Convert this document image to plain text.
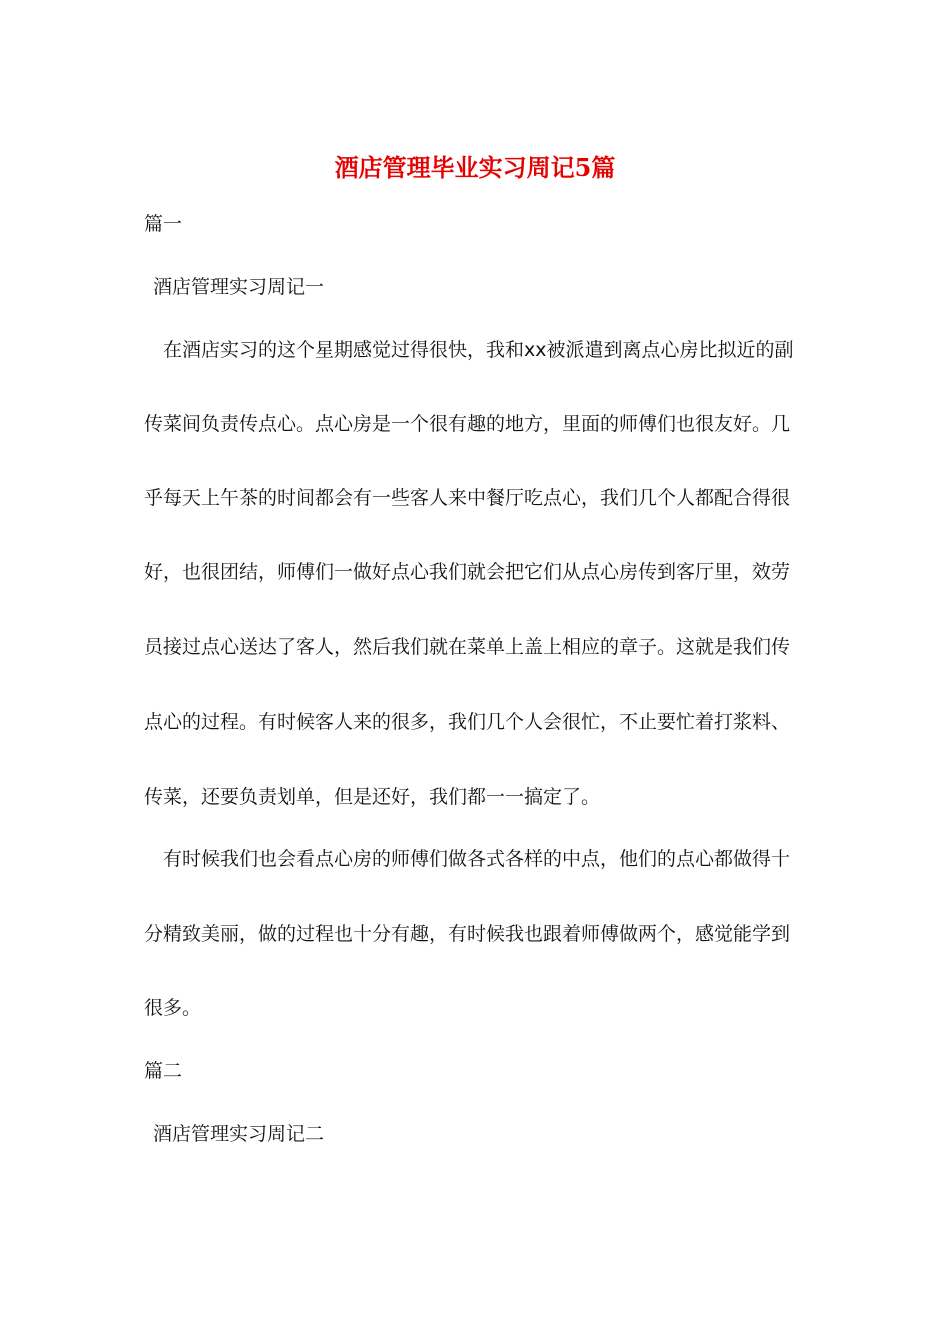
酒店管理毕业实习周记5篇

篇一

酒店管理实习周记一

在酒店实习的这个星期感觉过得很快，我和xx被派遣到离点心房比拟近的副

传菜间负责传点心。点心房是一个很有趣的地方，里面的师傅们也很友好。几

乎每天上午茶的时间都会有一些客人来中餐厅吃点心，我们几个人都配合得很

好，也很团结，师傅们一做好点心我们就会把它们从点心房传到客厅里，效劳

员接过点心送达了客人，然后我们就在菜单上盖上相应的章子。这就是我们传

点心的过程。有时候客人来的很多，我们几个人会很忙，不止要忙着打浆料、

传菜，还要负责划单，但是还好，我们都一一搞定了。

有时候我们也会看点心房的师傅们做各式各样的中点，他们的点心都做得十

分精致美丽，做的过程也十分有趣，有时候我也跟着师傅做两个，感觉能学到

很多。

篇二

酒店管理实习周记二
